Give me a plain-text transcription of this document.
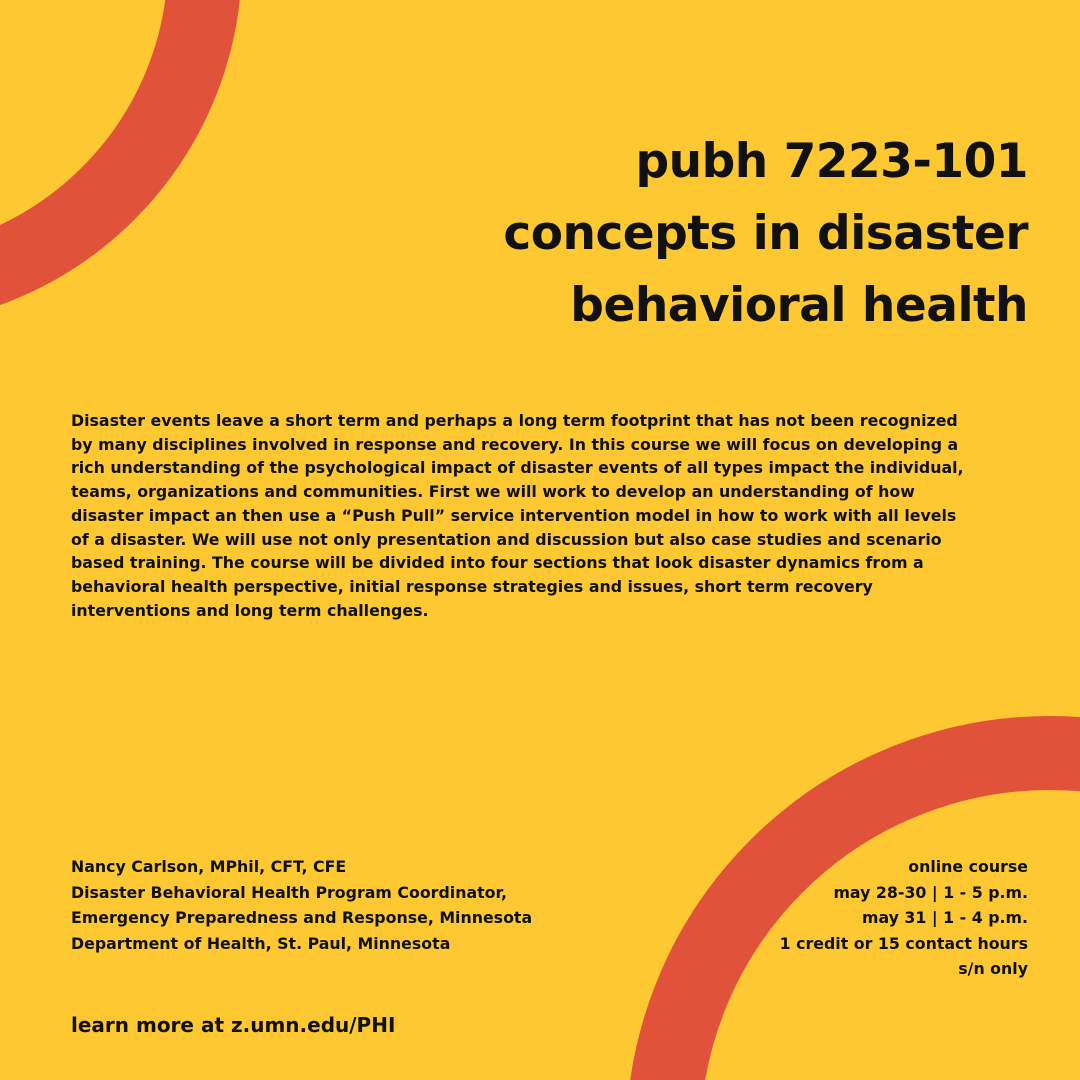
pubh 7223-101
concepts in disaster
behavioral health

Disaster events leave a short term and perhaps a long term footprint that has not been recognized by many disciplines involved in response and recovery. In this course we will focus on developing a rich understanding of the psychological impact of disaster events of all types impact the individual, teams, organizations and communities. First we will work to develop an understanding of how disaster impact an then use a “Push Pull” service intervention model in how to work with all levels of a disaster. We will use not only presentation and discussion but also case studies and scenario based training. The course will be divided into four sections that look disaster dynamics from a behavioral health perspective, initial response strategies and issues, short term recovery interventions and long term challenges.

Nancy Carlson, MPhil, CFT, CFE
Disaster Behavioral Health Program Coordinator,
Emergency Preparedness and Response, Minnesota
Department of Health, St. Paul, Minnesota
online course
may 28-30 | 1 - 5 p.m.
may 31 | 1 - 4 p.m.
1 credit or 15 contact hours
s/n only
learn more at z.umn.edu/PHI
